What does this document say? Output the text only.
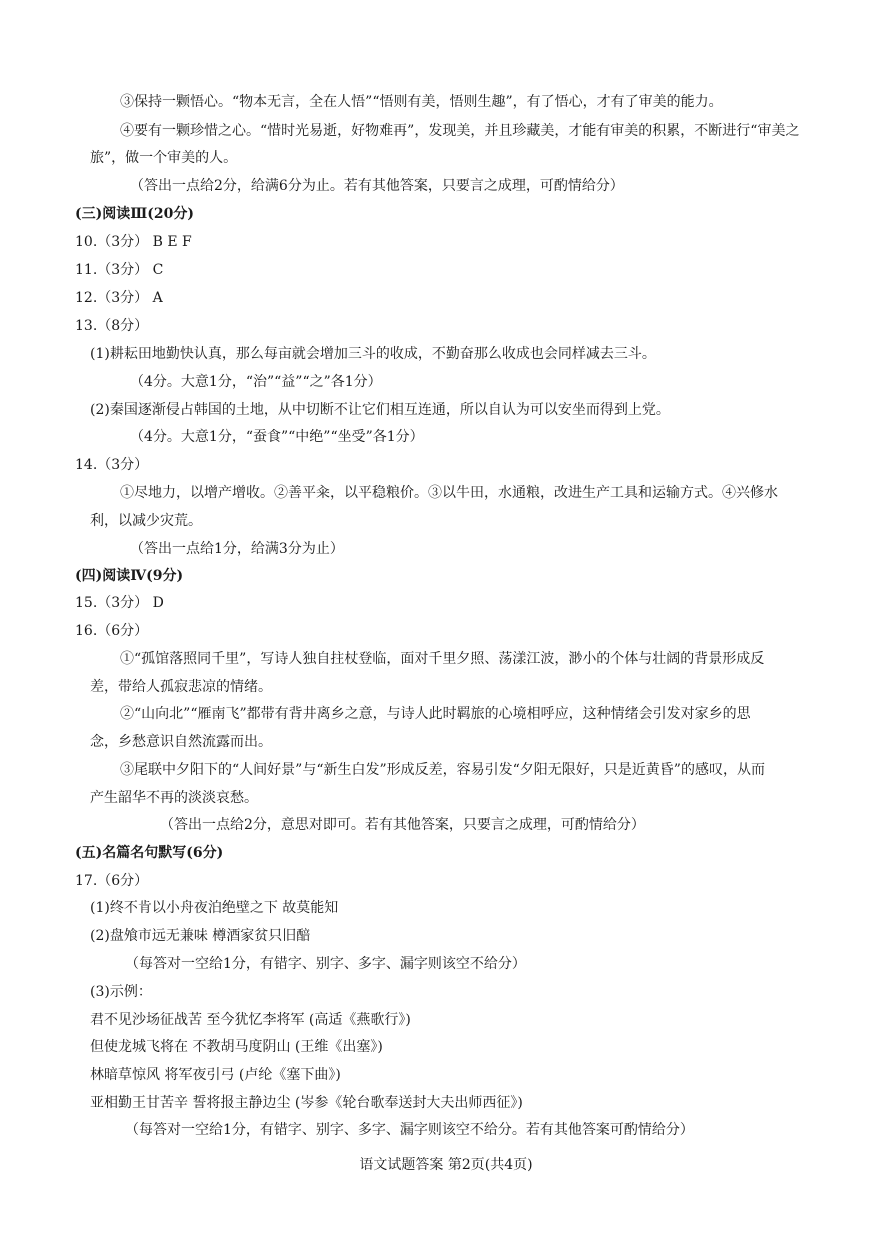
③保持一颗悟心。“物本无言，全在人悟”“悟则有美，悟则生趣”，有了悟心，才有了审美的能力。
④要有一颗珍惜之心。“惜时光易逝，好物难再”，发现美，并且珍藏美，才能有审美的积累，不断进行“审美之
旅”，做一个审美的人。
（答出一点给2分，给满6分为止。若有其他答案，只要言之成理，可酌情给分）
(三)阅读Ⅲ(20分)
10.（3分） B E F
11.（3分） C
12.（3分） A
13.（8分）
(1)耕耘田地勤快认真，那么每亩就会增加三斗的收成，不勤奋那么收成也会同样减去三斗。
（4分。大意1分，“治”“益”“之”各1分）
(2)秦国逐渐侵占韩国的土地，从中切断不让它们相互连通，所以自认为可以安坐而得到上党。
（4分。大意1分，“蚕食”“中绝”“坐受”各1分）
14.（3分）
①尽地力，以增产增收。②善平籴，以平稳粮价。③以牛田，水通粮，改进生产工具和运输方式。④兴修水
利，以减少灾荒。
（答出一点给1分，给满3分为止）
(四)阅读Ⅳ(9分)
15.（3分） D
16.（6分）
①“孤馆落照同千里”，写诗人独自拄杖登临，面对千里夕照、荡漾江波，渺小的个体与壮阔的背景形成反
差，带给人孤寂悲凉的情绪。
②“山向北”“雁南飞”都带有背井离乡之意，与诗人此时羁旅的心境相呼应，这种情绪会引发对家乡的思
念，乡愁意识自然流露而出。
③尾联中夕阳下的“人间好景”与“新生白发”形成反差，容易引发“夕阳无限好，只是近黄昏”的感叹，从而
产生韶华不再的淡淡哀愁。
（答出一点给2分，意思对即可。若有其他答案，只要言之成理，可酌情给分）
(五)名篇名句默写(6分)
17.（6分）
(1)终不肯以小舟夜泊绝壁之下 故莫能知
(2)盘飧市远无兼味 樽酒家贫只旧醅
（每答对一空给1分，有错字、别字、多字、漏字则该空不给分）
(3)示例：
君不见沙场征战苦 至今犹忆李将军 (高适《燕歌行》)
但使龙城飞将在 不教胡马度阴山 (王维《出塞》)
林暗草惊风 将军夜引弓 (卢纶《塞下曲》)
亚相勤王甘苦辛 誓将报主静边尘 (岑参《轮台歌奉送封大夫出师西征》)
（每答对一空给1分，有错字、别字、多字、漏字则该空不给分。若有其他答案可酌情给分）
语文试题答案 第2页(共4页)
